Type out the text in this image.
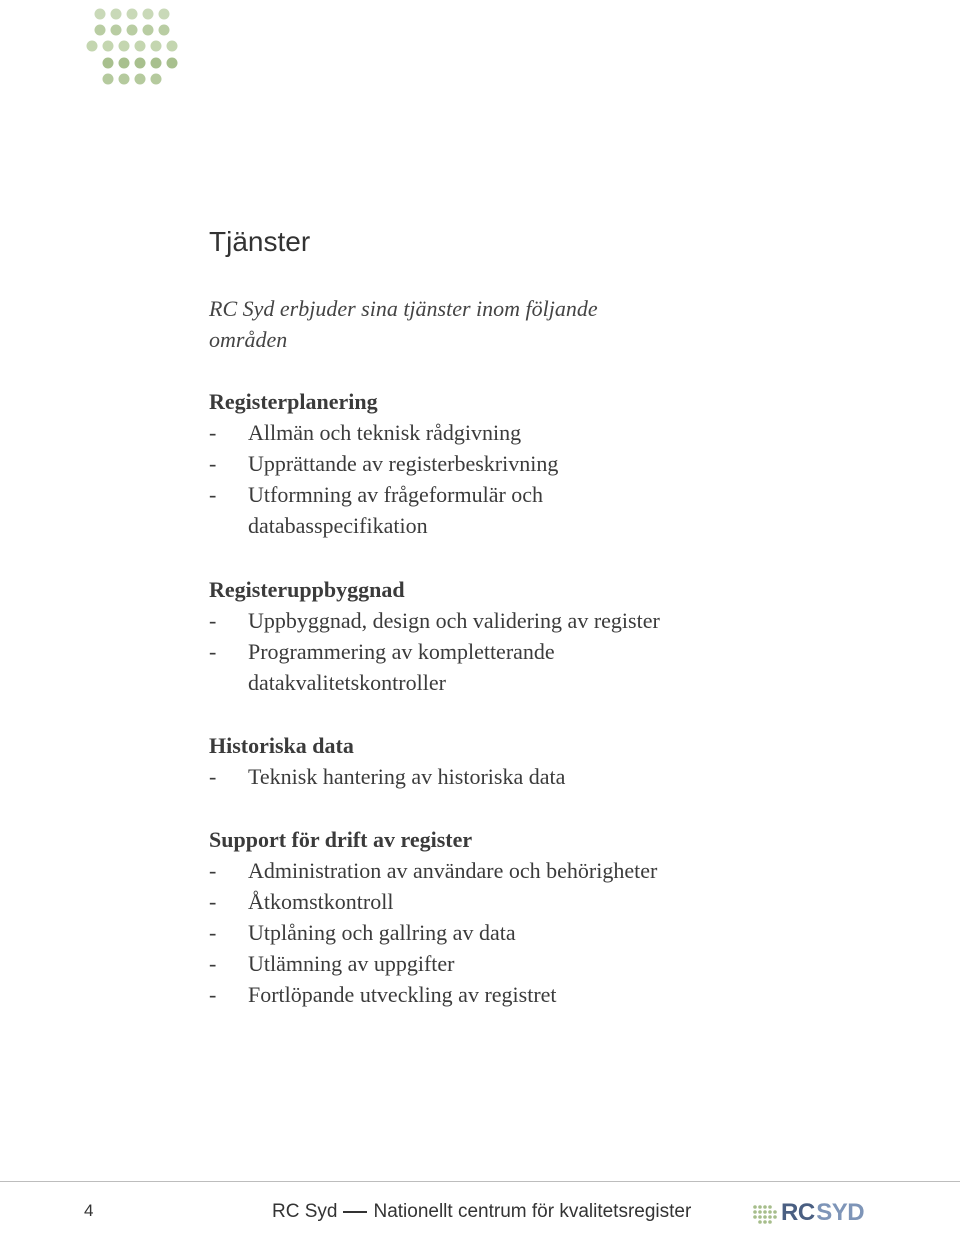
Tjänster

RC Syd erbjuder sina tjänster inom följande
områden

Registerplanering
- Allmän och teknisk rådgivning
- Upprättande av registerbeskrivning
- Utformning av frågeformulär och
databasspecifikation
Registeruppbyggnad
- Uppbyggnad, design och validering av register
- Programmering av kompletterande
datakvalitetskontroller
Historiska data
- Teknisk hantering av historiska data
Support för drift av register
- Administration av användare och behörigheter
- Åtkomstkontroll
- Utplåning och gallring av data
- Utlämning av uppgifter
- Fortlöpande utveckling av registret
4	RC Syd Nationellt centrum för kvalitetsregister	RC SYD
